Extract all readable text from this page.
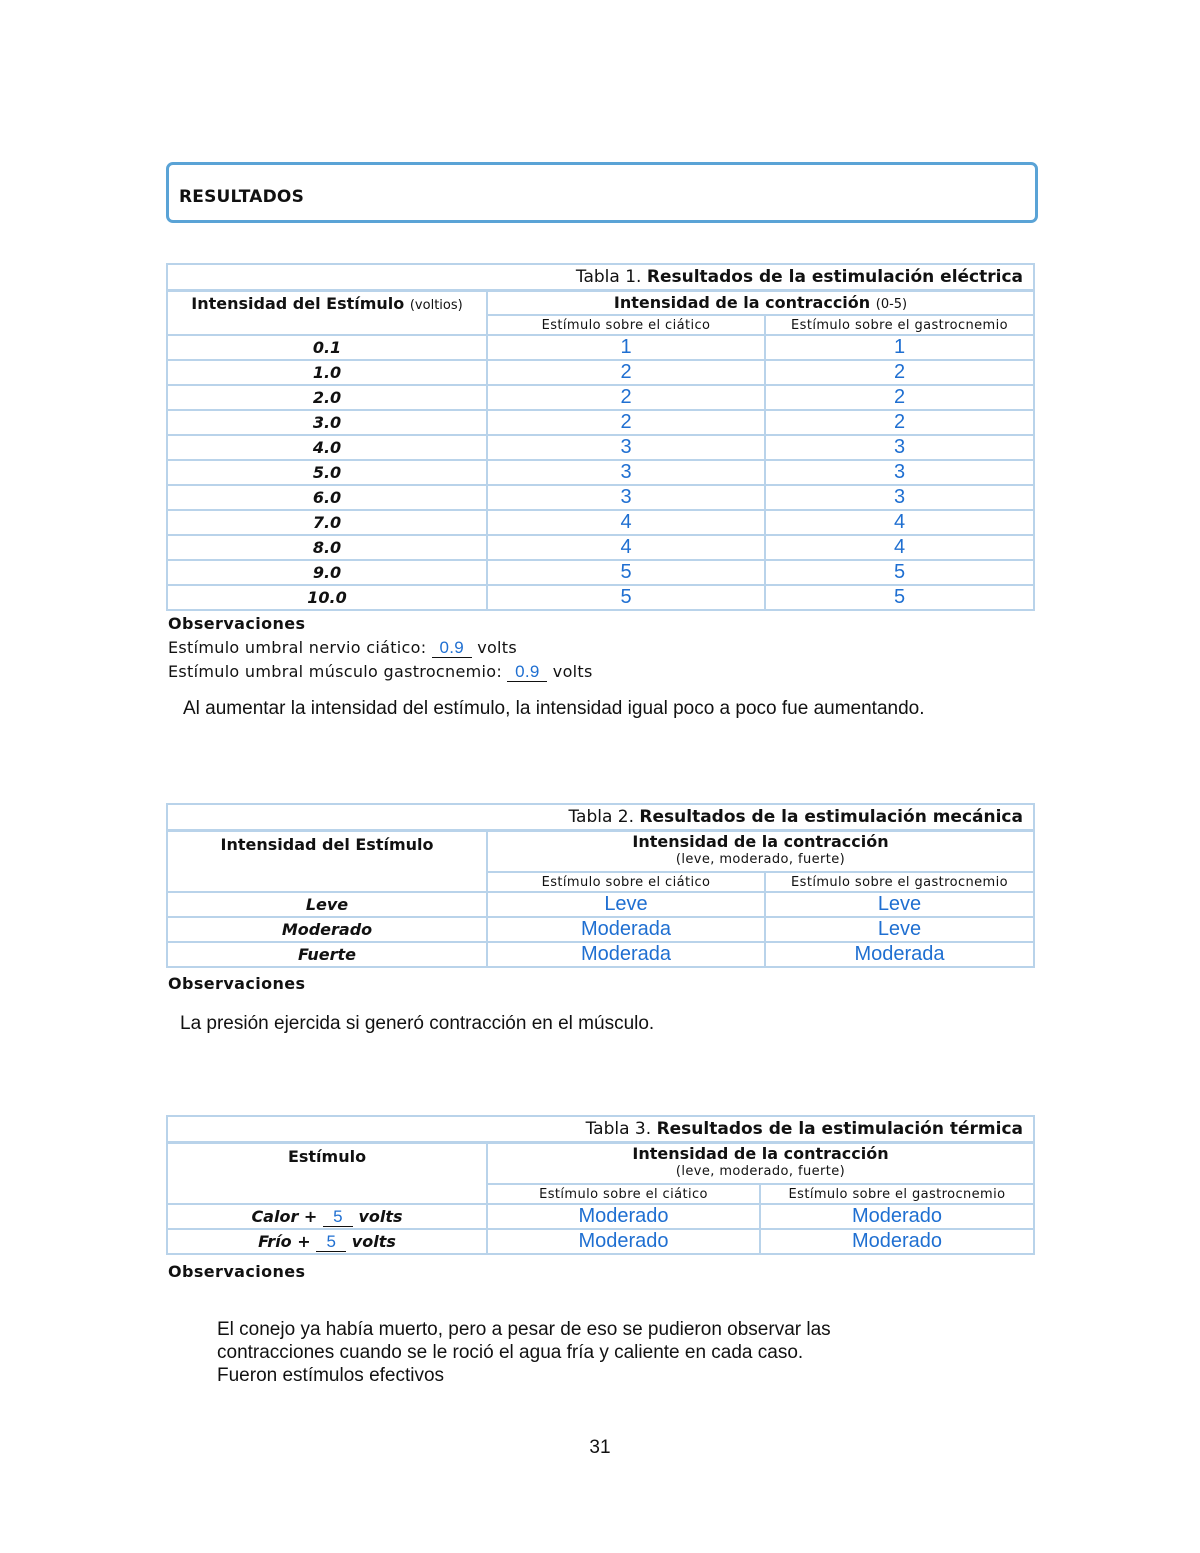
RESULTADOS
Tabla 1. Resultados de la estimulación eléctrica		
Intensidad del Estímulo (voltios)	Intensidad de la contracción (0-5)	
	Estímulo sobre el ciático	Estímulo sobre el gastrocnemio
0.1	1	1
1.0	2	2
2.0	2	2
3.0	2	2
4.0	3	3
5.0	3	3
6.0	3	3
7.0	4	4
8.0	4	4
9.0	5	5
10.0	5	5
Observaciones
Estímulo umbral nervio ciático: 0.9 volts
Estímulo umbral músculo gastrocnemio: 0.9 volts
Al aumentar la intensidad del estímulo, la intensidad igual poco a poco fue aumentando.
Tabla 2. Resultados de la estimulación mecánica		
Intensidad del Estímulo	Intensidad de la contracción
(leve, moderado, fuerte)	

	Estímulo sobre el ciático	Estímulo sobre el gastrocnemio
Leve	Leve	Leve
Moderado	Moderada	Leve
Fuerte	Moderada	Moderada
Observaciones
La presión ejercida si generó contracción en el músculo.
Tabla 3. Resultados de la estimulación térmica		
Estímulo	Intensidad de la contracción
(leve, moderado, fuerte)	

	Estímulo sobre el ciático	Estímulo sobre el gastrocnemio
Calor + 5 volts	Moderado	Moderado
Frío + 5 volts	Moderado	Moderado
Observaciones
El conejo ya había muerto, pero a pesar de eso se pudieron observar las
contracciones cuando se le roció el agua fría y caliente en cada caso.
Fueron estímulos efectivos
31
